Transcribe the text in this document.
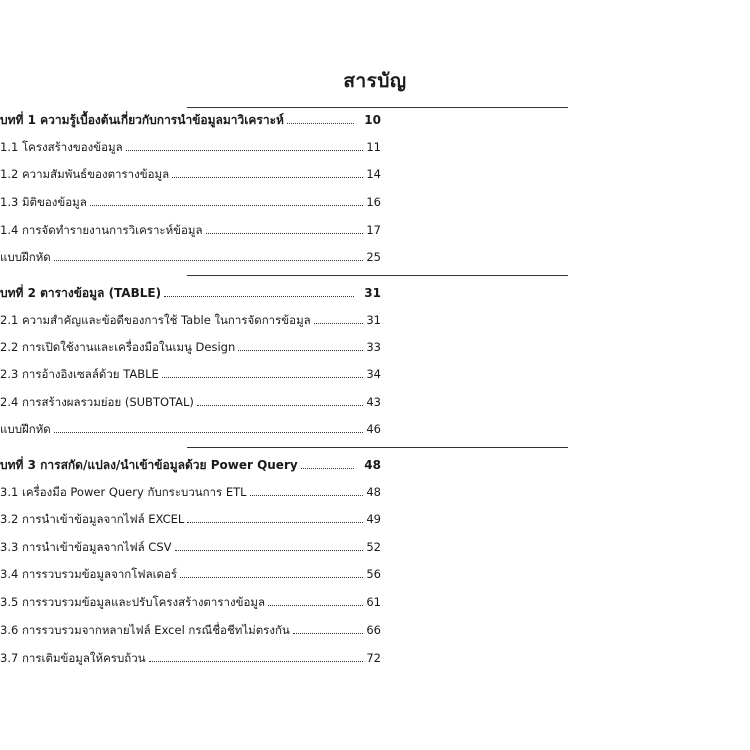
สารบัญ
บทที่ 1 ความรู้เบื้องต้นเกี่ยวกับการนำข้อมูลมาวิเคราะห์	10
1.1 โครงสร้างของข้อมูล	11
1.2 ความสัมพันธ์ของตารางข้อมูล	14
1.3 มิติของข้อมูล	16
1.4 การจัดทำรายงานการวิเคราะห์ข้อมูล	17
แบบฝึกหัด	25
บทที่ 2 ตารางข้อมูล (TABLE)	31
2.1 ความสำคัญและข้อดีของการใช้ Table ในการจัดการข้อมูล	31
2.2 การเปิดใช้งานและเครื่องมือในเมนู Design	33
2.3 การอ้างอิงเซลล์ด้วย TABLE	34
2.4 การสร้างผลรวมย่อย (SUBTOTAL)	43
แบบฝึกหัด	46
บทที่ 3 การสกัด/แปลง/นำเข้าข้อมูลด้วย Power Query	48
3.1 เครื่องมือ Power Query กับกระบวนการ ETL	48
3.2 การนำเข้าข้อมูลจากไฟล์ EXCEL	49
3.3 การนำเข้าข้อมูลจากไฟล์ CSV	52
3.4 การรวบรวมข้อมูลจากโฟลเดอร์	56
3.5 การรวบรวมข้อมูลและปรับโครงสร้างตารางข้อมูล	61
3.6 การรวบรวมจากหลายไฟล์ Excel กรณีชื่อชีทไม่ตรงกัน	66
3.7 การเติมข้อมูลให้ครบถ้วน	72
